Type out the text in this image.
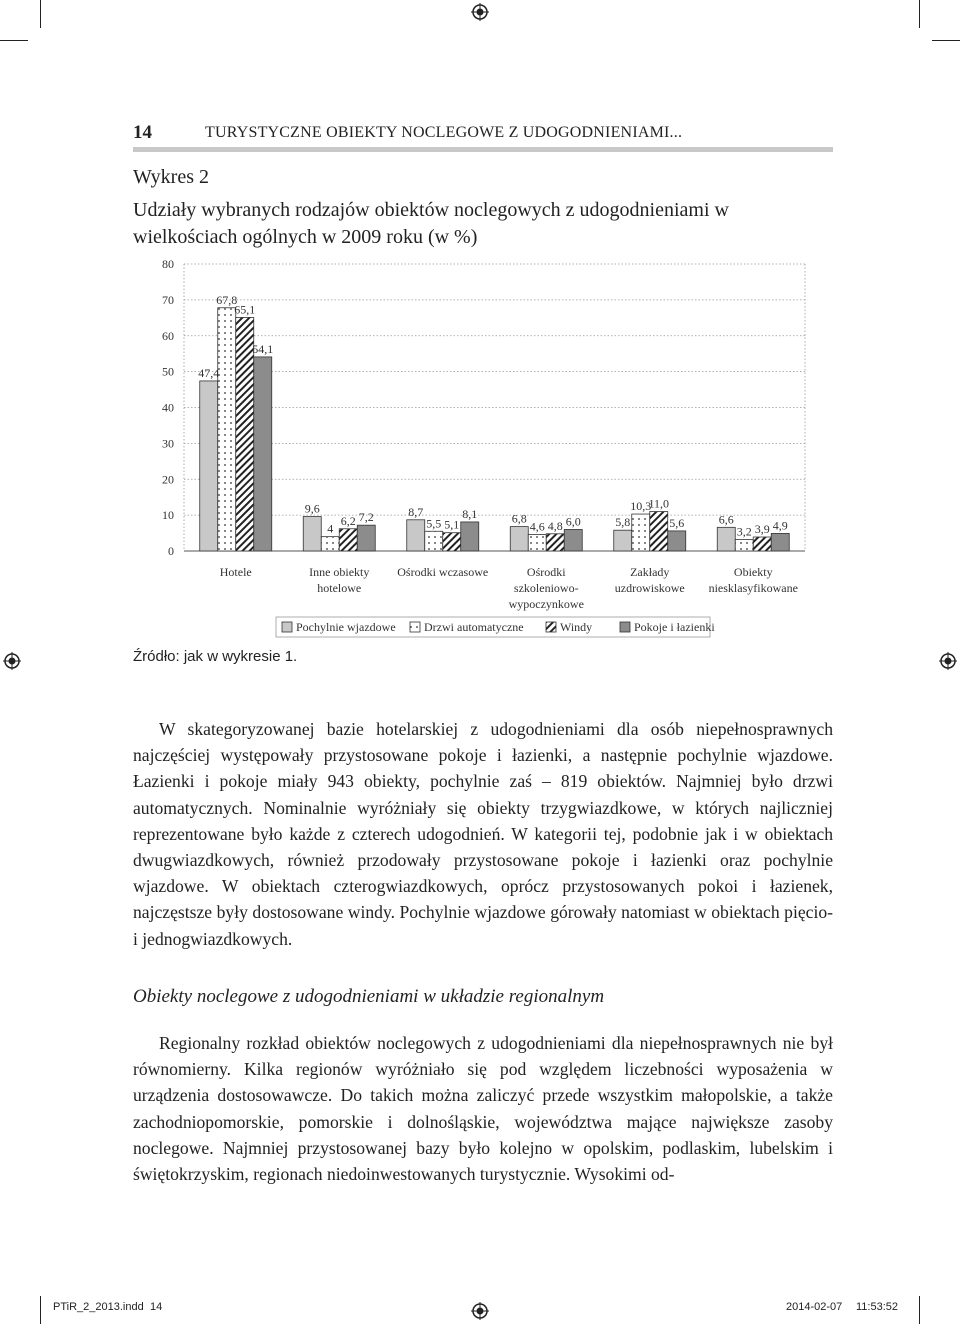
14	TURYSTYCZNE OBIEKTY NOCLEGOWE Z UDOGODNIENIAMI...
Wykres 2
Udziały wybranych rodzajów obiektów noclegowych z udogodnieniami w wielkościach ogólnych w 2009 roku (w %)
0
10
20
30
40
50
60
70
80
47,4
67,8
65,1
54,1
9,6
4
6,2 7,2	8,7
5,5 5,1
8,1	6,8
4,6 4,8 6,0	5,8
10,3
11,0
5,6	6,6
3,2 3,9 4,9
Hotele	Inne obiekty
hotelowe
Ośrodki wczasowe	Ośrodki
szkoleniowo-
wypoczynkowe
Zakłady
uzdrowiskowe
Obiekty
niesklasyfikowane
Pochylnie wjazdowe Drzwi automatyczne	Windy	Pokoje i łazienki
Źródło: jak w wykresie 1.
W skategoryzowanej bazie hotelarskiej z udogodnieniami dla osób niepełnosprawnych najczęściej występowały przystosowane pokoje i łazienki, a następnie pochylnie wjazdowe. Łazienki i pokoje miały 943 obiekty, pochylnie zaś – 819 obiektów. Najmniej było drzwi automatycznych. Nominalnie wyróżniały się obiekty trzygwiazdkowe, w których najliczniej reprezentowane było każde z czterech udogodnień. W kategorii tej, podobnie jak i w obiektach dwugwiazdkowych, również przodowały przystosowane pokoje i łazienki oraz pochylnie wjazdowe. W obiektach czterogwiazdkowych, oprócz przystosowanych pokoi i łazienek, najczęstsze były dostosowane windy. Pochylnie wjazdowe górowały natomiast w obiektach pięcio- i jednogwiazdkowych.
Obiekty noclegowe z udogodnieniami w układzie regionalnym
Regionalny rozkład obiektów noclegowych z udogodnieniami dla niepełnosprawnych nie był równomierny. Kilka regionów wyróżniało się pod względem liczebności wyposażenia w urządzenia dostosowawcze. Do takich można zaliczyć przede wszystkim małopolskie, a także zachodniopomorskie, pomorskie i dolnośląskie, województwa mające największe zasoby noclegowe. Najmniej przystosowanej bazy było kolejno w opolskim, podlaskim, lubelskim i świętokrzyskim, regionach niedoinwestowanych turystycznie. Wysokimi od-
PTiR_2_2013.indd 14	2014-02-07 11:53:52
